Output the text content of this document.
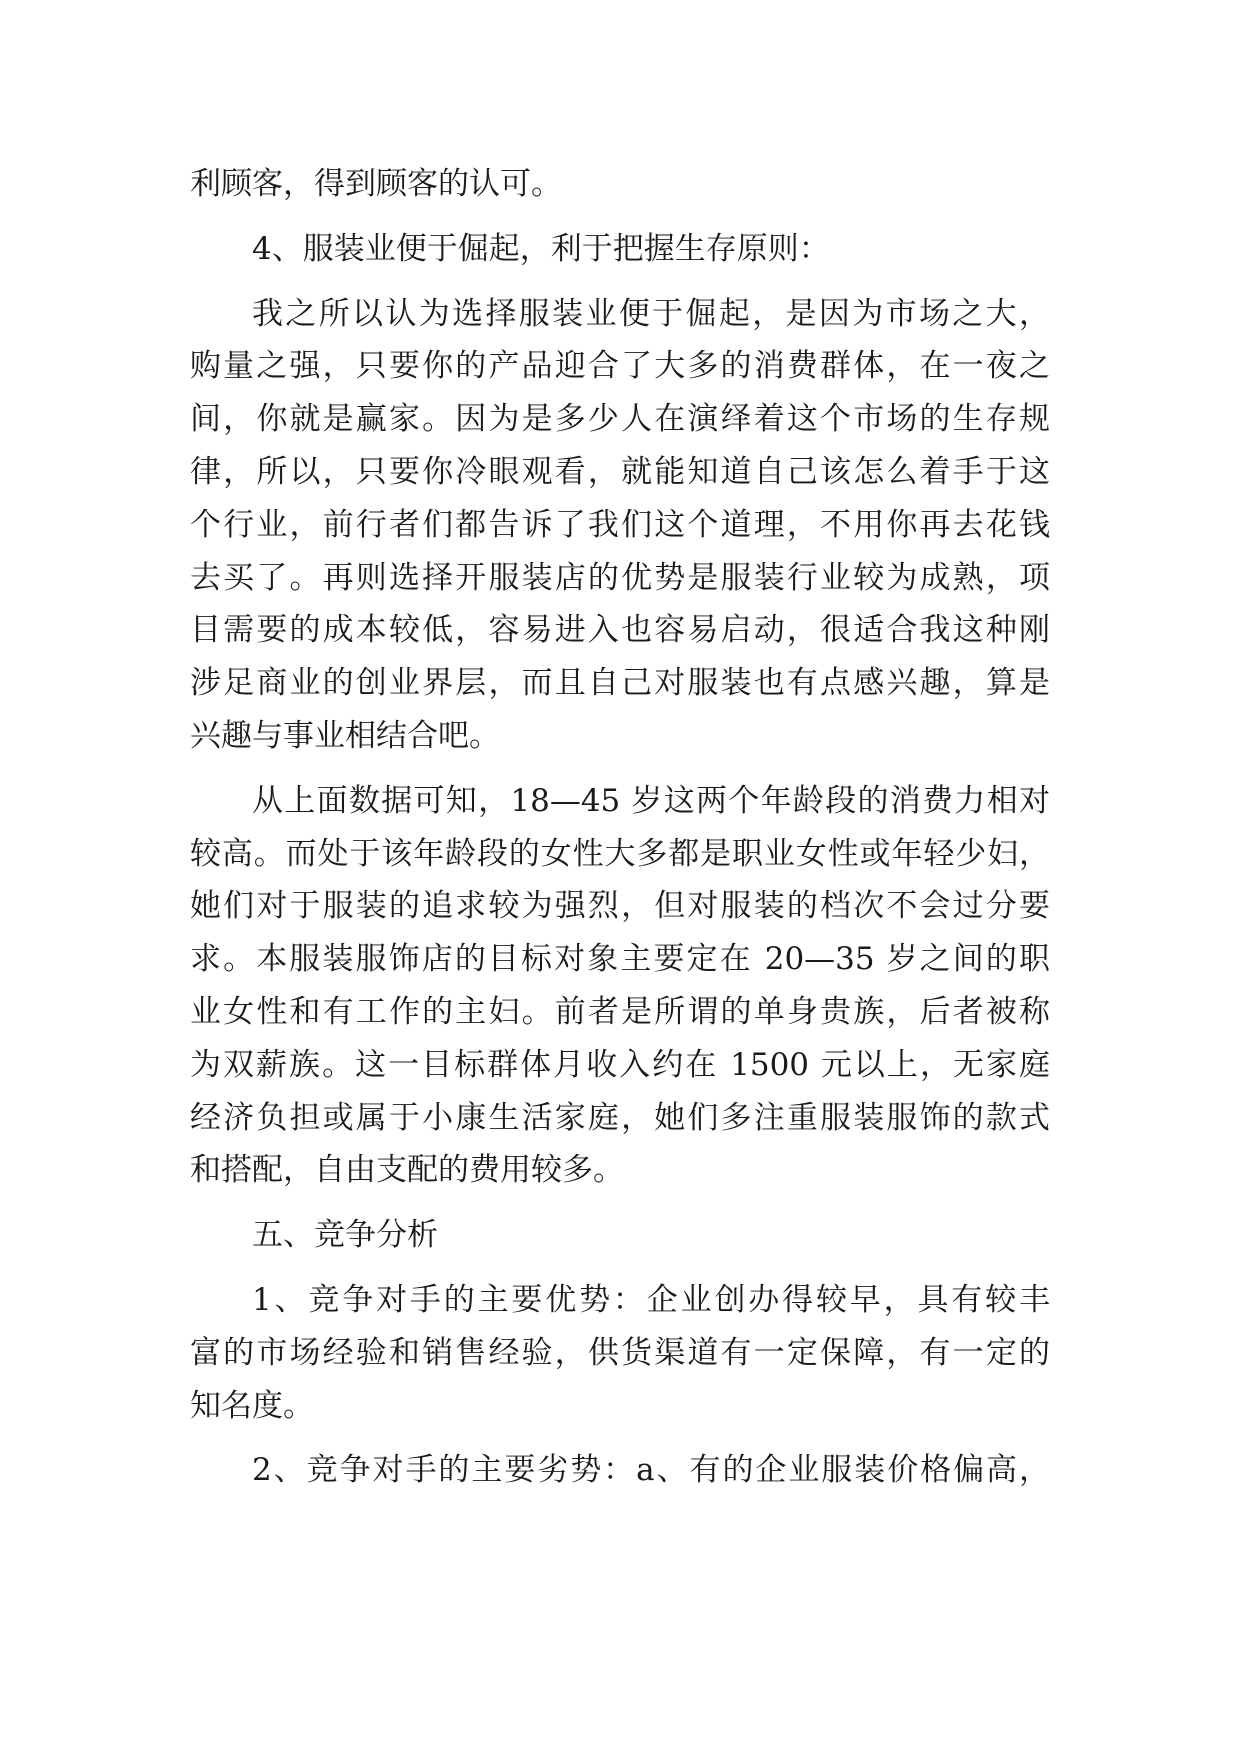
利顾客，得到顾客的认可。
4、服装业便于倔起，利于把握生存原则：
我之所以认为选择服装业便于倔起，是因为市场之大，
购量之强，只要你的产品迎合了大多的消费群体，在一夜之
间，你就是赢家。因为是多少人在演绎着这个市场的生存规
律，所以，只要你冷眼观看，就能知道自己该怎么着手于这
个行业，前行者们都告诉了我们这个道理，不用你再去花钱
去买了。再则选择开服装店的优势是服装行业较为成熟，项
目需要的成本较低，容易进入也容易启动，很适合我这种刚
涉足商业的创业界层，而且自己对服装也有点感兴趣，算是
兴趣与事业相结合吧。
从上面数据可知，18—45 岁这两个年龄段的消费力相对
较高。而处于该年龄段的女性大多都是职业女性或年轻少妇，
她们对于服装的追求较为强烈，但对服装的档次不会过分要
求。本服装服饰店的目标对象主要定在 20—35 岁之间的职
业女性和有工作的主妇。前者是所谓的单身贵族，后者被称
为双薪族。这一目标群体月收入约在 1500 元以上，无家庭
经济负担或属于小康生活家庭，她们多注重服装服饰的款式
和搭配，自由支配的费用较多。
五、竞争分析
1、竞争对手的主要优势：企业创办得较早，具有较丰
富的市场经验和销售经验，供货渠道有一定保障，有一定的
知名度。
2、竞争对手的主要劣势：a、有的企业服装价格偏高，
